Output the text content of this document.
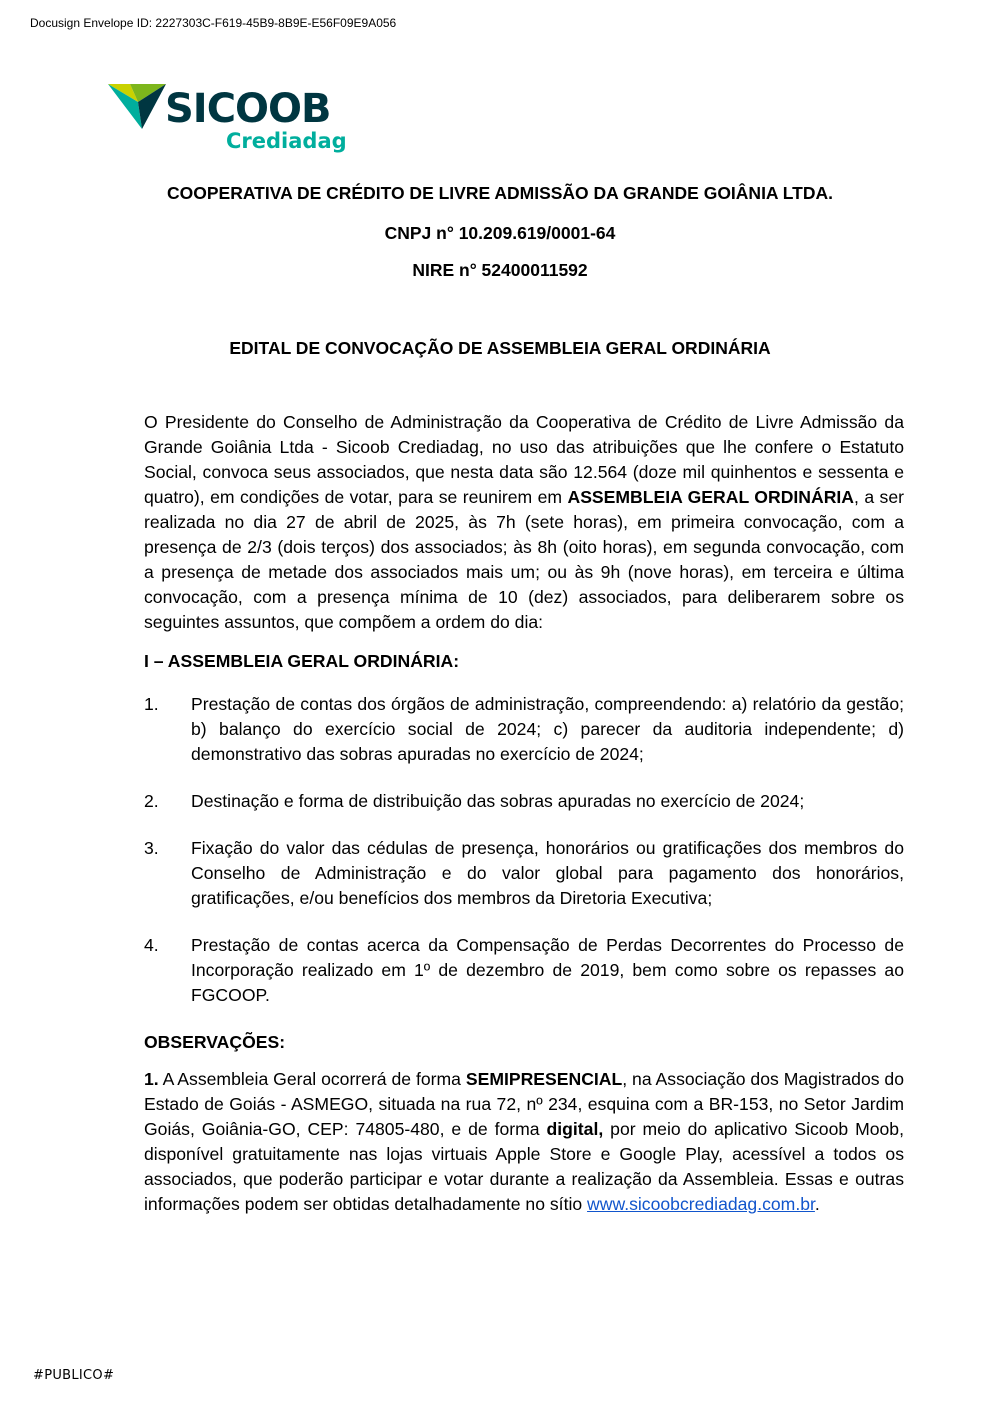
Docusign Envelope ID: 2227303C-F619-45B9-8B9E-E56F09E9A056
SICOOB
Crediadag
COOPERATIVA DE CRÉDITO DE LIVRE ADMISSÃO DA GRANDE GOIÂNIA LTDA.
CNPJ n° 10.209.619/0001-64
NIRE n° 52400011592
EDITAL DE CONVOCAÇÃO DE ASSEMBLEIA GERAL ORDINÁRIA

O Presidente do Conselho de Administração da Cooperativa de Crédito de Livre Admissão da Grande Goiânia Ltda - Sicoob Crediadag, no uso das atribuições que lhe confere o Estatuto Social, convoca seus associados, que nesta data são 12.564 (doze mil quinhentos e sessenta e quatro), em condições de votar, para se reunirem em ASSEMBLEIA GERAL ORDINÁRIA, a ser realizada no dia 27 de abril de 2025, às 7h (sete horas), em primeira convocação, com a presença de 2/3 (dois terços) dos associados; às 8h (oito horas), em segunda convocação, com a presença de metade dos associados mais um; ou às 9h (nove horas), em terceira e última convocação, com a presença mínima de 10 (dez) associados, para deliberarem sobre os seguintes assuntos, que compõem a ordem do dia:

I – ASSEMBLEIA GERAL ORDINÁRIA:
1.	Prestação de contas dos órgãos de administração, compreendendo: a) relatório da gestão; b) balanço do exercício social de 2024; c) parecer da auditoria independente; d) demonstrativo das sobras apuradas no exercício de 2024;
2.	Destinação e forma de distribuição das sobras apuradas no exercício de 2024;
3.	Fixação do valor das cédulas de presença, honorários ou gratificações dos membros do Conselho de Administração e do valor global para pagamento dos honorários, gratificações, e/ou benefícios dos membros da Diretoria Executiva;
4.	Prestação de contas acerca da Compensação de Perdas Decorrentes do Processo de Incorporação realizado em 1º de dezembro de 2019, bem como sobre os repasses ao FGCOOP.
OBSERVAÇÕES:

1. A Assembleia Geral ocorrerá de forma SEMIPRESENCIAL, na Associação dos Magistrados do Estado de Goiás - ASMEGO, situada na rua 72, nº 234, esquina com a BR-153, no Setor Jardim Goiás, Goiânia-GO, CEP: 74805-480, e de forma digital, por meio do aplicativo Sicoob Moob, disponível gratuitamente nas lojas virtuais Apple Store e Google Play, acessível a todos os associados, que poderão participar e votar durante a realização da Assembleia. Essas e outras informações podem ser obtidas detalhadamente no sítio www.sicoobcrediadag.com.br.

#PUBLICO#
